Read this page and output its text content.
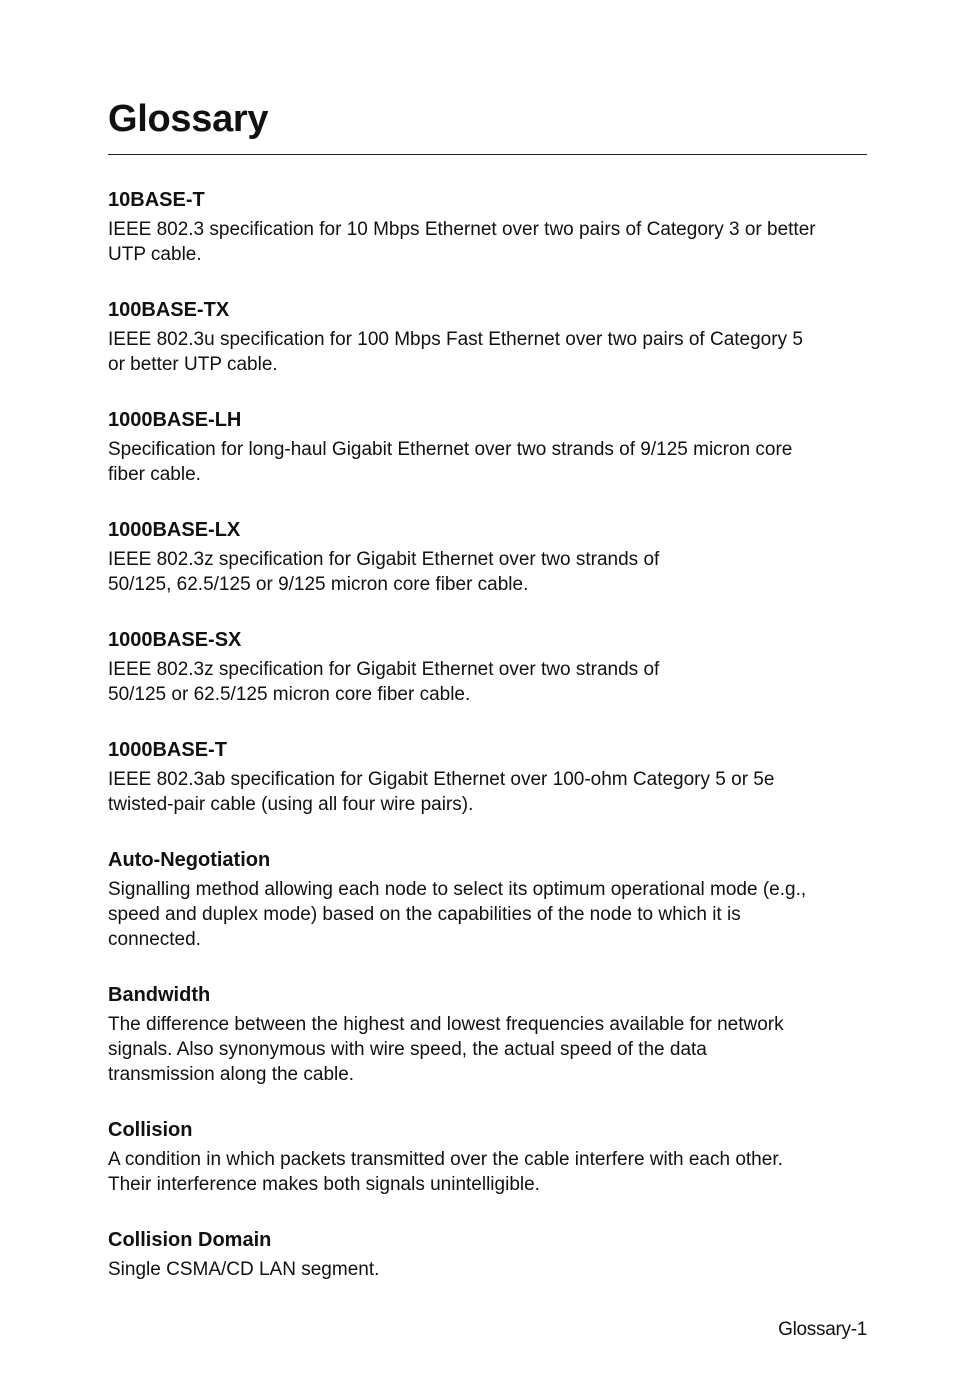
Glossary
10BASE-T

IEEE 802.3 specification for 10 Mbps Ethernet over two pairs of Category 3 or better
UTP cable.

100BASE-TX

IEEE 802.3u specification for 100 Mbps Fast Ethernet over two pairs of Category 5
or better UTP cable.

1000BASE-LH

Specification for long-haul Gigabit Ethernet over two strands of 9/125 micron core
fiber cable.

1000BASE-LX

IEEE 802.3z specification for Gigabit Ethernet over two strands of
50/125, 62.5/125 or 9/125 micron core fiber cable.

1000BASE-SX

IEEE 802.3z specification for Gigabit Ethernet over two strands of
50/125 or 62.5/125 micron core fiber cable.

1000BASE-T

IEEE 802.3ab specification for Gigabit Ethernet over 100-ohm Category 5 or 5e
twisted-pair cable (using all four wire pairs).

Auto-Negotiation

Signalling method allowing each node to select its optimum operational mode (e.g.,
speed and duplex mode) based on the capabilities of the node to which it is
connected.

Bandwidth

The difference between the highest and lowest frequencies available for network
signals. Also synonymous with wire speed, the actual speed of the data
transmission along the cable.

Collision

A condition in which packets transmitted over the cable interfere with each other.
Their interference makes both signals unintelligible.

Collision Domain

Single CSMA/CD LAN segment.

Glossary-1
